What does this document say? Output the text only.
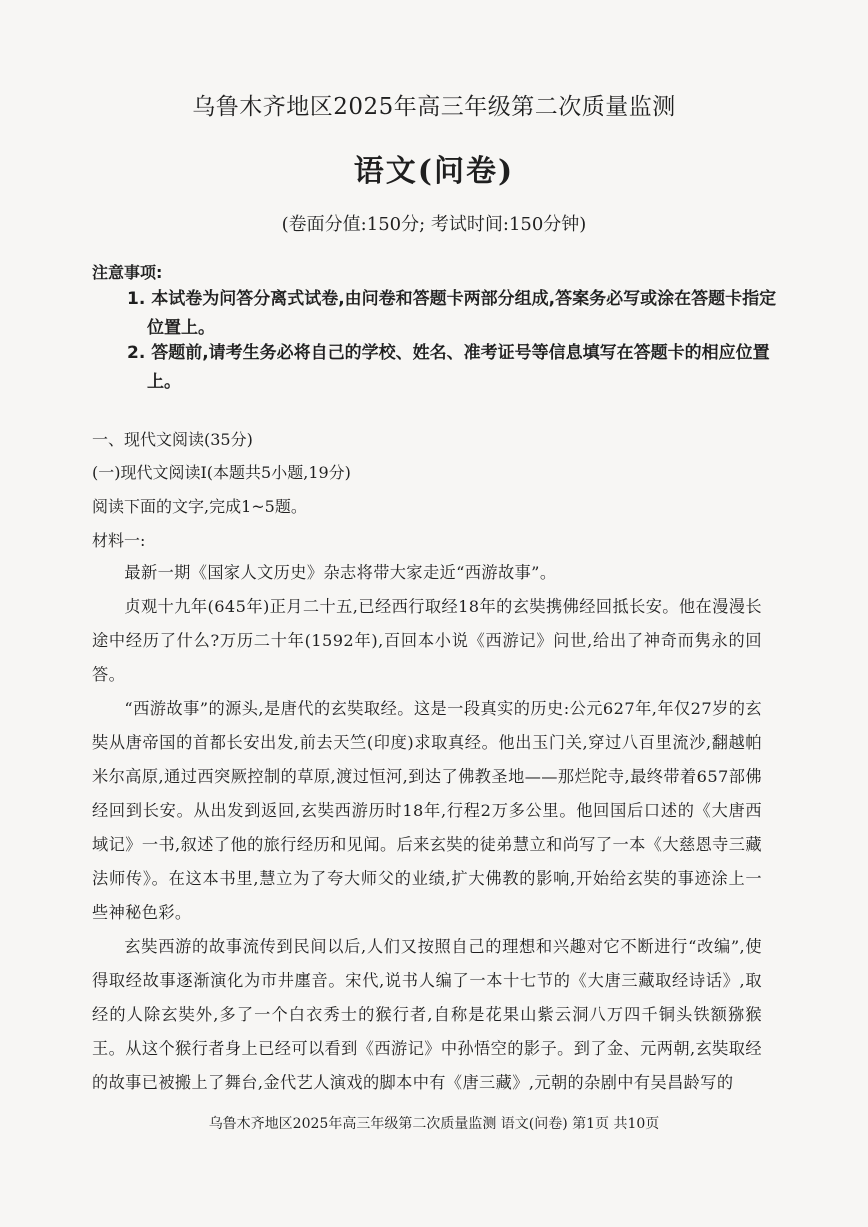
乌鲁木齐地区2025年高三年级第二次质量监测
语文(问卷)
(卷面分值:150分; 考试时间:150分钟)
注意事项:
1. 本试卷为问答分离式试卷,由问卷和答题卡两部分组成,答案务必写或涂在答题卡指定位置上。
2. 答题前,请考生务必将自己的学校、姓名、准考证号等信息填写在答题卡的相应位置上。
一、现代文阅读(35分)
(一)现代文阅读I(本题共5小题,19分)
阅读下面的文字,完成1~5题。
材料一:

最新一期《国家人文历史》杂志将带大家走近“西游故事”。

贞观十九年(645年)正月二十五,已经西行取经18年的玄奘携佛经回抵长安。他在漫漫长途中经历了什么?万历二十年(1592年),百回本小说《西游记》问世,给出了神奇而隽永的回答。

“西游故事”的源头,是唐代的玄奘取经。这是一段真实的历史:公元627年,年仅27岁的玄奘从唐帝国的首都长安出发,前去天竺(印度)求取真经。他出玉门关,穿过八百里流沙,翻越帕米尔高原,通过西突厥控制的草原,渡过恒河,到达了佛教圣地——那烂陀寺,最终带着657部佛经回到长安。从出发到返回,玄奘西游历时18年,行程2万多公里。他回国后口述的《大唐西域记》一书,叙述了他的旅行经历和见闻。后来玄奘的徒弟慧立和尚写了一本《大慈恩寺三藏法师传》。在这本书里,慧立为了夸大师父的业绩,扩大佛教的影响,开始给玄奘的事迹涂上一些神秘色彩。

玄奘西游的故事流传到民间以后,人们又按照自己的理想和兴趣对它不断进行“改编”,使得取经故事逐渐演化为市井廛音。宋代,说书人编了一本十七节的《大唐三藏取经诗话》,取经的人除玄奘外,多了一个白衣秀士的猴行者,自称是花果山紫云洞八万四千铜头铁额猕猴王。从这个猴行者身上已经可以看到《西游记》中孙悟空的影子。到了金、元两朝,玄奘取经的故事已被搬上了舞台,金代艺人演戏的脚本中有《唐三藏》,元朝的杂剧中有吴昌龄写的

乌鲁木齐地区2025年高三年级第二次质量监测 语文(问卷) 第1页 共10页
